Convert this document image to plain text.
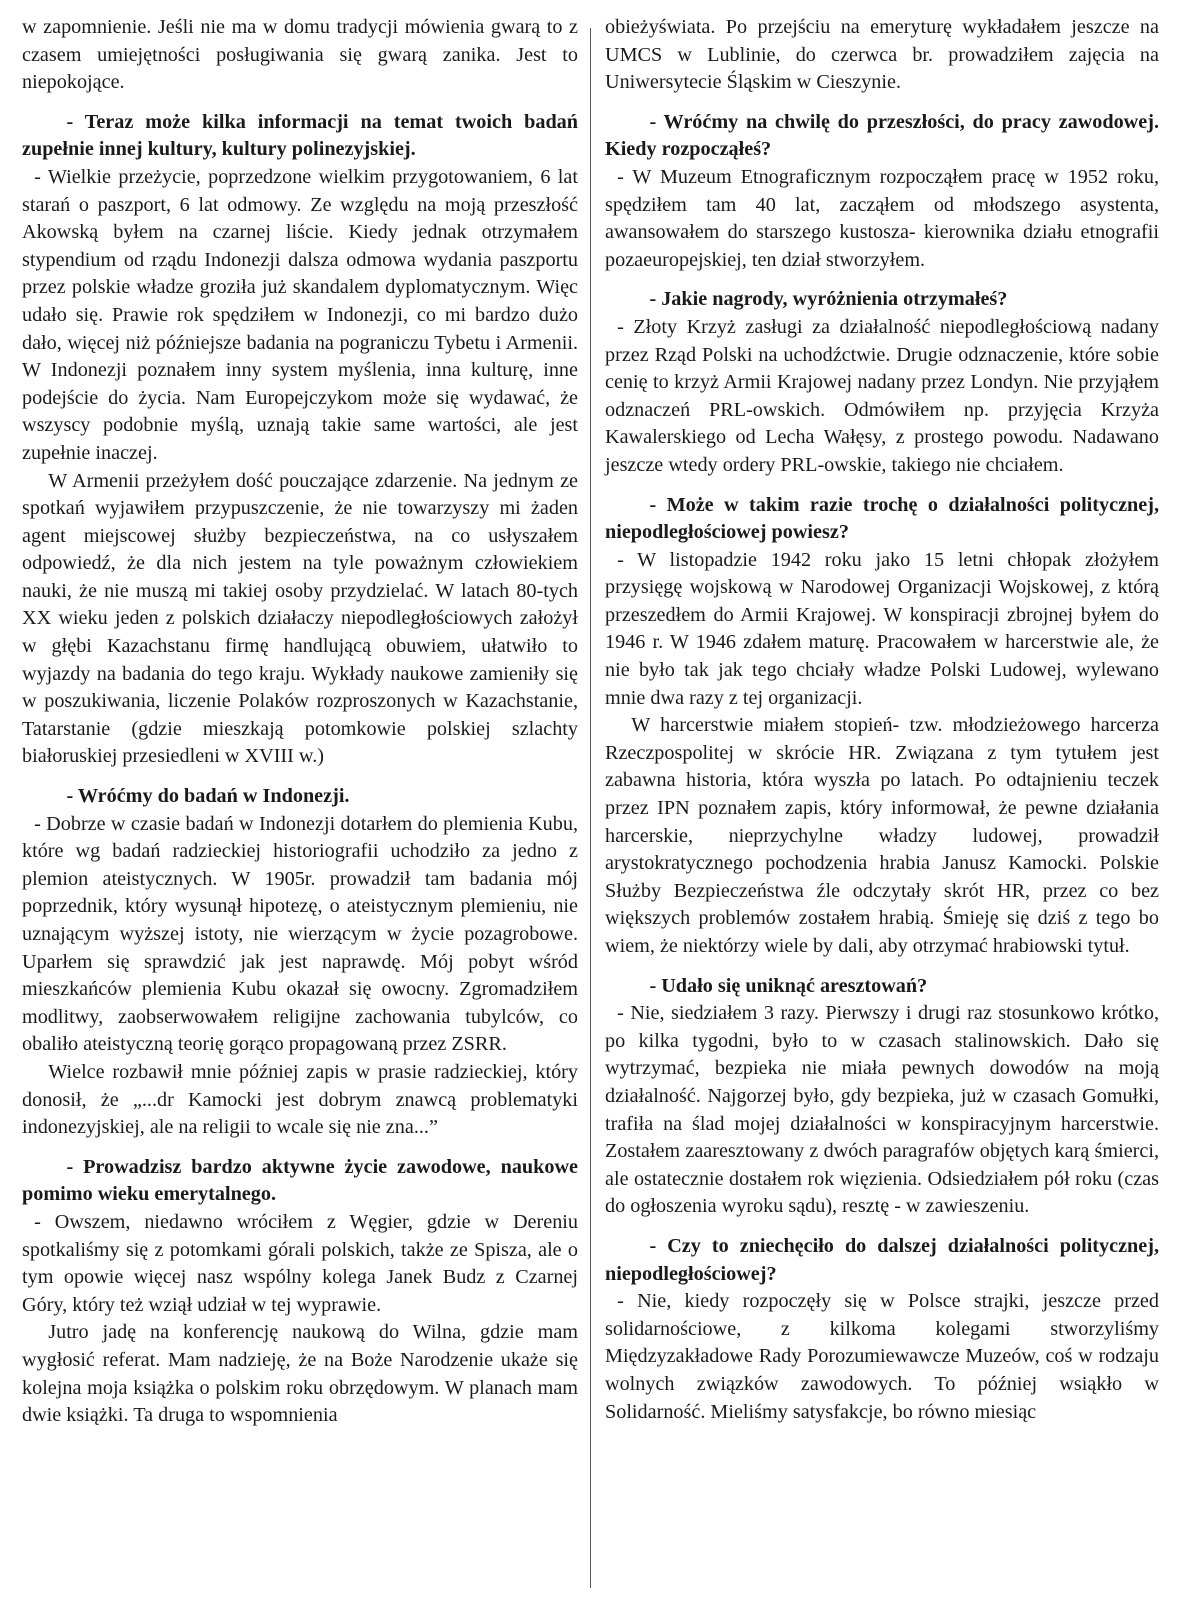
w zapomnienie. Jeśli nie ma w domu tradycji mówienia gwarą to z czasem umiejętności posługiwania się gwarą zanika. Jest to niepokojące.

- Teraz może kilka informacji na temat twoich badań zupełnie innej kultury, kultury polinezyjskiej.

- Wielkie przeżycie, poprzedzone wielkim przygotowaniem, 6 lat starań o paszport, 6 lat odmowy. Ze względu na moją przeszłość Akowską byłem na czarnej liście. Kiedy jednak otrzymałem stypendium od rządu Indonezji dalsza odmowa wydania paszportu przez polskie władze groziła już skandalem dyplomatycznym. Więc udało się. Prawie rok spędziłem w Indonezji, co mi bardzo dużo dało, więcej niż późniejsze badania na pograniczu Tybetu i Armenii. W Indonezji poznałem inny system myślenia, inna kulturę, inne podejście do życia. Nam Europejczykom może się wydawać, że wszyscy podobnie myślą, uznają takie same wartości, ale jest zupełnie inaczej.

W Armenii przeżyłem dość pouczające zdarzenie. Na jednym ze spotkań wyjawiłem przypuszczenie, że nie towarzyszy mi żaden agent miejscowej służby bezpieczeństwa, na co usłyszałem odpowiedź, że dla nich jestem na tyle poważnym człowiekiem nauki, że nie muszą mi takiej osoby przydzielać. W latach 80-tych XX wieku jeden z polskich działaczy niepodległościowych założył w głębi Kazachstanu firmę handlującą obuwiem, ułatwiło to wyjazdy na badania do tego kraju. Wykłady naukowe zamieniły się w poszukiwania, liczenie Polaków rozproszonych w Kazachstanie, Tatarstanie (gdzie mieszkają potomkowie polskiej szlachty białoruskiej przesiedleni w XVIII w.)

- Wróćmy do badań w Indonezji.

- Dobrze w czasie badań w Indonezji dotarłem do plemienia Kubu, które wg badań radzieckiej historiografii uchodziło za jedno z plemion ateistycznych. W 1905r. prowadził tam badania mój poprzednik, który wysunął hipotezę, o ateistycznym plemieniu, nie uznającym wyższej istoty, nie wierzącym w życie pozagrobowe. Uparłem się sprawdzić jak jest naprawdę. Mój pobyt wśród mieszkańców plemienia Kubu okazał się owocny. Zgromadziłem modlitwy, zaobserwowałem religijne zachowania tubylców, co obaliło ateistyczną teorię gorąco propagowaną przez ZSRR.

Wielce rozbawił mnie później zapis w prasie radzieckiej, który donosił, że „...dr Kamocki jest dobrym znawcą problematyki indonezyjskiej, ale na religii to wcale się nie zna...”

- Prowadzisz bardzo aktywne życie zawodowe, naukowe pomimo wieku emerytalnego.

- Owszem, niedawno wróciłem z Węgier, gdzie w Dereniu spotkaliśmy się z potomkami górali polskich, także ze Spisza, ale o tym opowie więcej nasz wspólny kolega Janek Budz z Czarnej Góry, który też wziął udział w tej wyprawie.

Jutro jadę na konferencję naukową do Wilna, gdzie mam wygłosić referat. Mam nadzieję, że na Boże Narodzenie ukaże się kolejna moja książka o polskim roku obrzędowym. W planach mam dwie książki. Ta druga to wspomnienia

obieżyświata. Po przejściu na emeryturę wykładałem jeszcze na UMCS w Lublinie, do czerwca br. prowadziłem zajęcia na Uniwersytecie Śląskim w Cieszynie.

- Wróćmy na chwilę do przeszłości, do pracy zawodowej. Kiedy rozpocząłeś?

- W Muzeum Etnograficznym rozpocząłem pracę w 1952 roku, spędziłem tam 40 lat, zacząłem od młodszego asystenta, awansowałem do starszego kustosza- kierownika działu etnografii pozaeuropejskiej, ten dział stworzyłem.

- Jakie nagrody, wyróżnienia otrzymałeś?

- Złoty Krzyż zasługi za działalność niepodległościową nadany przez Rząd Polski na uchodźctwie. Drugie odznaczenie, które sobie cenię to krzyż Armii Krajowej nadany przez Londyn. Nie przyjąłem odznaczeń PRL-owskich. Odmówiłem np. przyjęcia Krzyża Kawalerskiego od Lecha Wałęsy, z prostego powodu. Nadawano jeszcze wtedy ordery PRL-owskie, takiego nie chciałem.

- Może w takim razie trochę o działalności politycznej, niepodległościowej powiesz?

- W listopadzie 1942 roku jako 15 letni chłopak złożyłem przysięgę wojskową w Narodowej Organizacji Wojskowej, z którą przeszedłem do Armii Krajowej. W konspiracji zbrojnej byłem do 1946 r. W 1946 zdałem maturę. Pracowałem w harcerstwie ale, że nie było tak jak tego chciały władze Polski Ludowej, wylewano mnie dwa razy z tej organizacji.

W harcerstwie miałem stopień- tzw. młodzieżowego harcerza Rzeczpospolitej w skrócie HR. Związana z tym tytułem jest zabawna historia, która wyszła po latach. Po odtajnieniu teczek przez IPN poznałem zapis, który informował, że pewne działania harcerskie, nieprzychylne władzy ludowej, prowadził arystokratycznego pochodzenia hrabia Janusz Kamocki. Polskie Służby Bezpieczeństwa źle odczytały skrót HR, przez co bez większych problemów zostałem hrabią. Śmieję się dziś z tego bo wiem, że niektórzy wiele by dali, aby otrzymać hrabiowski tytuł.

- Udało się uniknąć aresztowań?

- Nie, siedziałem 3 razy. Pierwszy i drugi raz stosunkowo krótko, po kilka tygodni, było to w czasach stalinowskich. Dało się wytrzymać, bezpieka nie miała pewnych dowodów na moją działalność. Najgorzej było, gdy bezpieka, już w czasach Gomułki, trafiła na ślad mojej działalności w konspiracyjnym harcerstwie. Zostałem zaaresztowany z dwóch paragrafów objętych karą śmierci, ale ostatecznie dostałem rok więzienia. Odsiedziałem pół roku (czas do ogłoszenia wyroku sądu), resztę - w zawieszeniu.

- Czy to zniechęciło do dalszej działalności politycznej, niepodległościowej?

- Nie, kiedy rozpoczęły się w Polsce strajki, jeszcze przed solidarnościowe, z kilkoma kolegami stworzyliśmy Międzyzakładowe Rady Porozumiewawcze Muzeów, coś w rodzaju wolnych związków zawodowych. To później wsiąkło w Solidarność. Mieliśmy satysfakcje, bo równo miesiąc
